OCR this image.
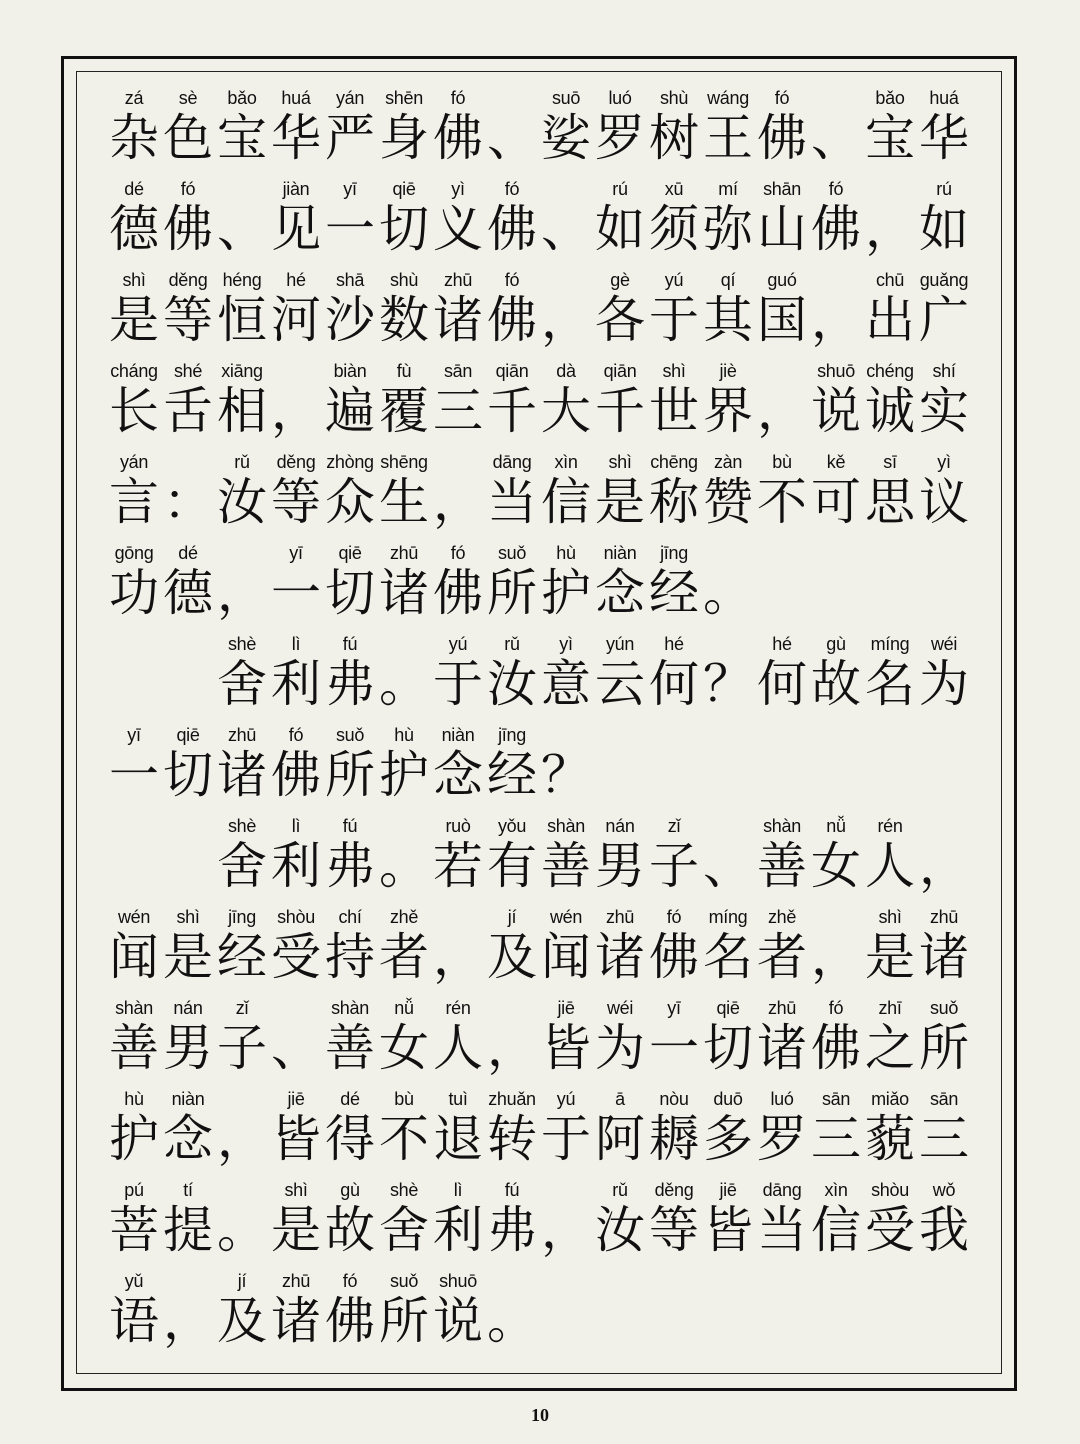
zá
杂
sè
色
bǎo
宝
huá
华
yán
严
shēn
身
fó
佛 、
suō
娑
luó
罗
shù
树
wáng
王
fó
佛 、
bǎo
宝
huá
华
dé
德
fó
佛 、
jiàn
见
yī
一
qiē
切
yì
义
fó
佛 、
rú
如
xū
须
mí
弥
shān
山
fó
佛 ，
rú
如
shì
是
děng
等
héng
恒
hé
河
shā
沙
shù
数
zhū
诸
fó
佛 ，
gè
各
yú
于
qí
其
guó
国 ，
chū
出
guǎng
广
cháng
长
shé
舌
xiāng
相 ，
biàn
遍
fù
覆
sān
三
qiān
千
dà
大
qiān
千
shì
世
jiè
界 ，
shuō
说
chéng
诚
shí
实
yán
言 ：
rǔ
汝
děng
等
zhòng
众
shēng
生 ，
dāng
当
xìn
信
shì
是
chēng
称
zàn
赞
bù
不
kě
可
sī
思
yì
议
gōng
功
dé
德 ，
yī
一
qiē
切
zhū
诸
fó
佛
suǒ
所
hù
护
niàn
念
jīng
经 。
shè
舍
lì
利
fú
弗 。
yú
于
rǔ
汝
yì
意
yún
云
hé
何 ？
hé
何
gù
故
míng
名
wéi
为
yī
一
qiē
切
zhū
诸
fó
佛
suǒ
所
hù
护
niàn
念
jīng
经 ？
shè
舍
lì
利
fú
弗 。
ruò
若
yǒu
有
shàn
善
nán
男
zǐ
子 、
shàn
善
nǚ
女
rén
人 ，
wén
闻
shì
是
jīng
经
shòu
受
chí
持
zhě
者 ，
jí
及
wén
闻
zhū
诸
fó
佛
míng
名
zhě
者 ，
shì
是
zhū
诸
shàn
善
nán
男
zǐ
子 、
shàn
善
nǚ
女
rén
人 ，
jiē
皆
wéi
为
yī
一
qiē
切
zhū
诸
fó
佛
zhī
之
suǒ
所
hù
护
niàn
念 ，
jiē
皆
dé
得
bù
不
tuì
退
zhuǎn
转
yú
于
ā
阿
nòu
耨
duō
多
luó
罗
sān
三
miǎo
藐
sān
三
pú
菩
tí
提 。
shì
是
gù
故
shè
舍
lì
利
fú
弗 ，
rǔ
汝
děng
等
jiē
皆
dāng
当
xìn
信
shòu
受
wǒ
我
yǔ
语 ，
jí
及
zhū
诸
fó
佛
suǒ
所
shuō
说 。
10
